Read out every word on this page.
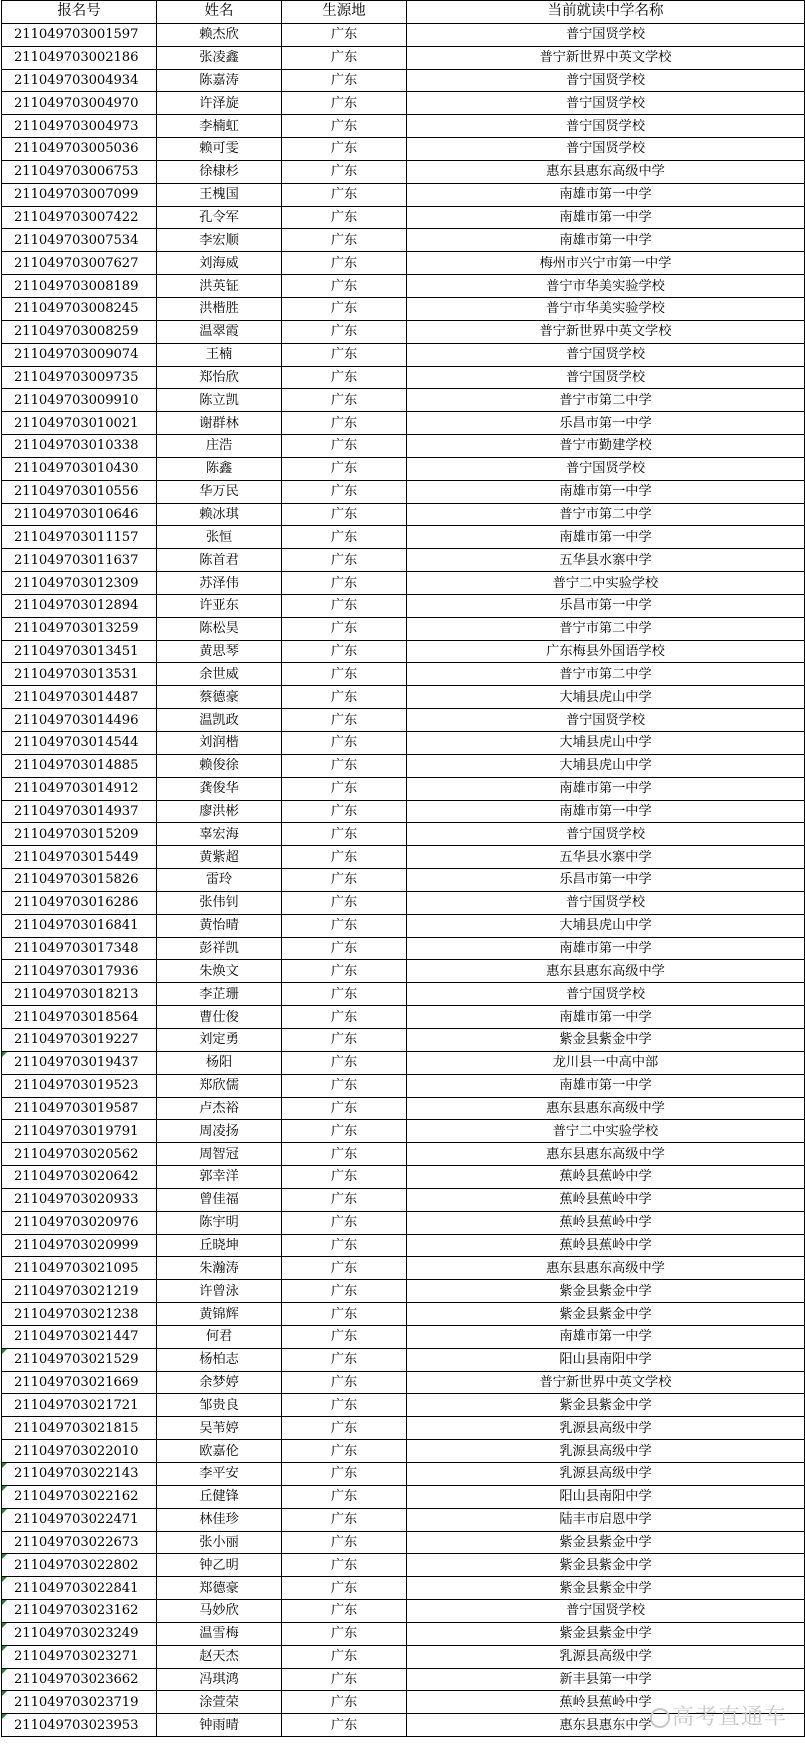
报名号	姓名	生源地	当前就读中学名称
211049703001597	赖杰欣	广东	普宁国贤学校
211049703002186	张凌鑫	广东	普宁新世界中英文学校
211049703004934	陈嘉涛	广东	普宁国贤学校
211049703004970	许泽旋	广东	普宁国贤学校
211049703004973	李楠虹	广东	普宁国贤学校
211049703005036	赖可雯	广东	普宁国贤学校
211049703006753	徐棣杉	广东	惠东县惠东高级中学
211049703007099	王槐国	广东	南雄市第一中学
211049703007422	孔令军	广东	南雄市第一中学
211049703007534	李宏顺	广东	南雄市第一中学
211049703007627	刘海威	广东	梅州市兴宁市第一中学
211049703008189	洪英钲	广东	普宁市华美实验学校
211049703008245	洪楷胜	广东	普宁市华美实验学校
211049703008259	温翠霞	广东	普宁新世界中英文学校
211049703009074	王楠	广东	普宁国贤学校
211049703009735	郑怡欣	广东	普宁国贤学校
211049703009910	陈立凯	广东	普宁市第二中学
211049703010021	谢群林	广东	乐昌市第一中学
211049703010338	庄浩	广东	普宁市勤建学校
211049703010430	陈鑫	广东	普宁国贤学校
211049703010556	华万民	广东	南雄市第一中学
211049703010646	赖冰琪	广东	普宁市第二中学
211049703011157	张恒	广东	南雄市第一中学
211049703011637	陈首君	广东	五华县水寨中学
211049703012309	苏泽伟	广东	普宁二中实验学校
211049703012894	许亚东	广东	乐昌市第一中学
211049703013259	陈松昊	广东	普宁市第二中学
211049703013451	黄思琴	广东	广东梅县外国语学校
211049703013531	余世威	广东	普宁市第二中学
211049703014487	蔡德豪	广东	大埔县虎山中学
211049703014496	温凯政	广东	普宁国贤学校
211049703014544	刘润楷	广东	大埔县虎山中学
211049703014885	赖俊徐	广东	大埔县虎山中学
211049703014912	龚俊华	广东	南雄市第一中学
211049703014937	廖洪彬	广东	南雄市第一中学
211049703015209	辜宏海	广东	普宁国贤学校
211049703015449	黄紫超	广东	五华县水寨中学
211049703015826	雷玲	广东	乐昌市第一中学
211049703016286	张伟钊	广东	普宁国贤学校
211049703016841	黄怡晴	广东	大埔县虎山中学
211049703017348	彭祥凯	广东	南雄市第一中学
211049703017936	朱焕文	广东	惠东县惠东高级中学
211049703018213	李芷珊	广东	普宁国贤学校
211049703018564	曹仕俊	广东	南雄市第一中学
211049703019227	刘定勇	广东	紫金县紫金中学
211049703019437	杨阳	广东	龙川县一中高中部
211049703019523	郑欣儒	广东	南雄市第一中学
211049703019587	卢杰裕	广东	惠东县惠东高级中学
211049703019791	周凌扬	广东	普宁二中实验学校
211049703020562	周智冠	广东	惠东县惠东高级中学
211049703020642	郭幸洋	广东	蕉岭县蕉岭中学
211049703020933	曾佳福	广东	蕉岭县蕉岭中学
211049703020976	陈宇明	广东	蕉岭县蕉岭中学
211049703020999	丘晓坤	广东	蕉岭县蕉岭中学
211049703021095	朱瀚涛	广东	惠东县惠东高级中学
211049703021219	许曾泳	广东	紫金县紫金中学
211049703021238	黄锦辉	广东	紫金县紫金中学
211049703021447	何君	广东	南雄市第一中学
211049703021529	杨柏志	广东	阳山县南阳中学
211049703021669	余梦婷	广东	普宁新世界中英文学校
211049703021721	邹贵良	广东	紫金县紫金中学
211049703021815	吴苇婷	广东	乳源县高级中学
211049703022010	欧嘉伦	广东	乳源县高级中学
211049703022143	李平安	广东	乳源县高级中学
211049703022162	丘健锋	广东	阳山县南阳中学
211049703022471	林佳珍	广东	陆丰市启恩中学
211049703022673	张小丽	广东	紫金县紫金中学
211049703022802	钟乙明	广东	紫金县紫金中学
211049703022841	郑德豪	广东	紫金县紫金中学
211049703023162	马妙欣	广东	普宁国贤学校
211049703023249	温雪梅	广东	紫金县紫金中学
211049703023271	赵天杰	广东	乳源县高级中学
211049703023662	冯琪鸿	广东	新丰县第一中学
211049703023719	涂萱荣	广东	蕉岭县蕉岭中学
211049703023953	钟雨晴	广东	惠东县惠东中学 高考直通车
